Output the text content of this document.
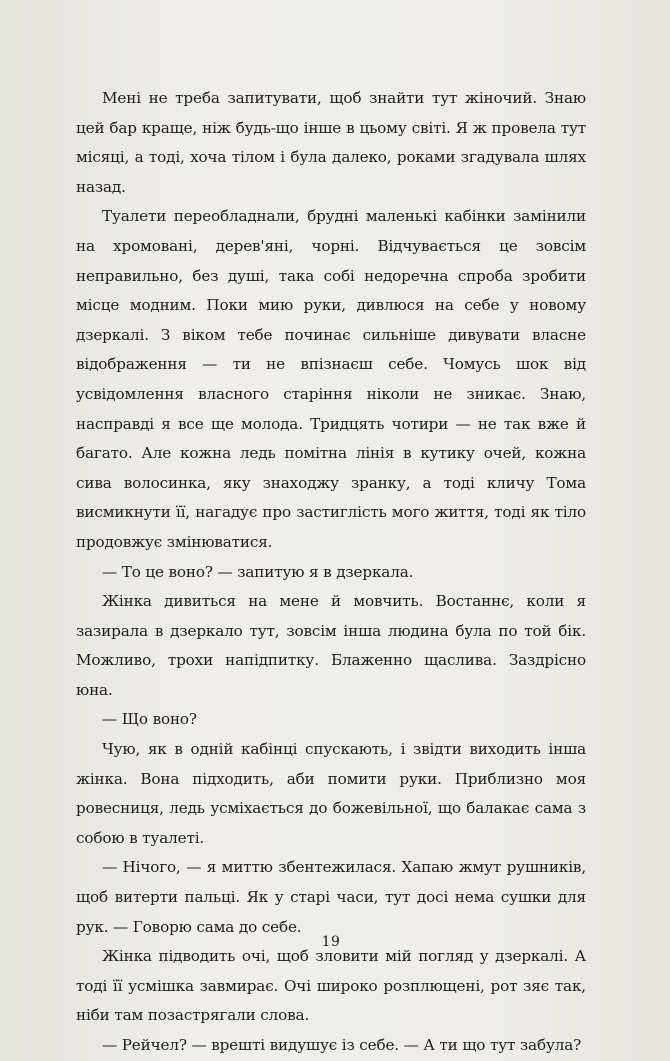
Мені не треба запитувати, щоб знайти тут жіночий. Знаю цей бар краще, ніж будь-що інше в цьому світі. Я ж провела тут місяці, а тоді, хоча тілом і була далеко, роками згадувала шлях назад.

Туалети переобладнали, брудні маленькі кабінки замінили на хромовані, дерев'яні, чорні. Відчувається це зовсім неправильно, без душі, така собі недоречна спроба зробити місце модним. Поки мию руки, дивлюся на себе у новому дзеркалі. З віком тебе починає сильніше дивувати власне відображення — ти не впізнаєш себе. Чомусь шок від усвідомлення власного старіння ніколи не зникає. Знаю, насправді я все ще молода. Тридцять чотири — не так вже й багато. Але кожна ледь помітна лінія в кутику очей, кожна сива волосинка, яку знаходжу зранку, а тоді кличу Тома висмикнути її, нагадує про застиглість мого життя, тоді як тіло продовжує змінюватися.

— То це воно? — запитую я в дзеркала.

Жінка дивиться на мене й мовчить. Востаннє, коли я зазирала в дзеркало тут, зовсім інша людина була по той бік. Можливо, трохи напідпитку. Блаженно щаслива. Заздрісно юна.

— Що воно?

Чую, як в одній кабінці спускають, і звідти виходить інша жінка. Вона підходить, аби помити руки. Приблизно моя ровесниця, ледь усміхається до божевільної, що балакає сама з собою в туалеті.

— Нічого, — я миттю збентежилася. Хапаю жмут рушників, щоб витерти пальці. Як у старі часи, тут досі нема сушки для рук. — Говорю сама до себе.

Жінка підводить очі, щоб зловити мій погляд у дзеркалі. А тоді її усмішка завмирає. Очі широко розплющені, рот зяє так, ніби там позастрягали слова.

— Рейчел? — врешті видушує із себе. — А ти що тут забула?

19
